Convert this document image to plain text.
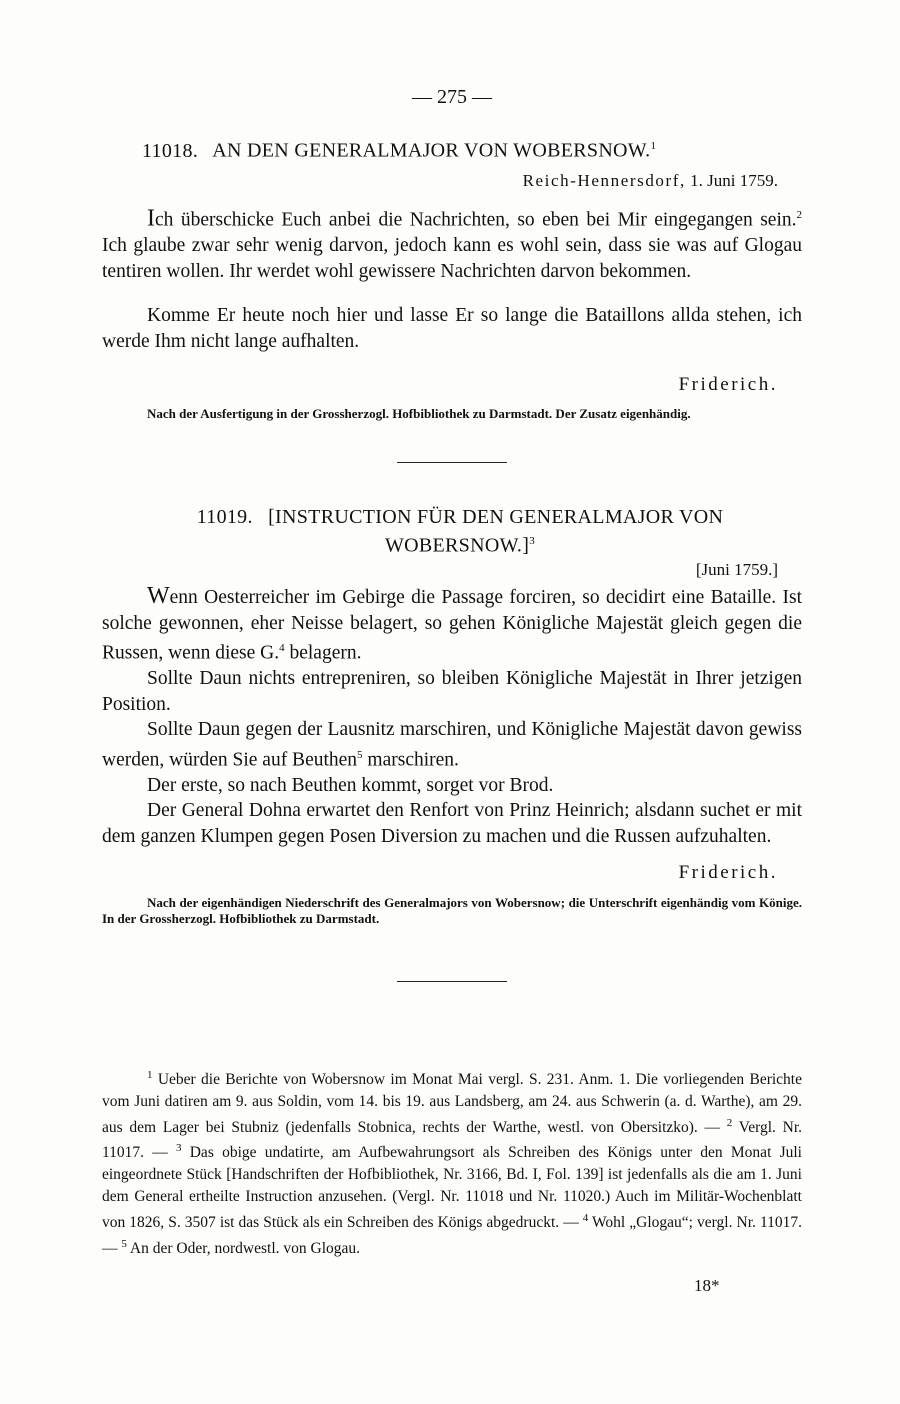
— 275 —
11018. AN DEN GENERALMAJOR VON WOBERSNOW.$^1$
Reich-Hennersdorf, 1. Juni 1759.

Ich überschicke Euch anbei die Nachrichten, so eben bei Mir eingegangen sein.$^2$ Ich glaube zwar sehr wenig darvon, jedoch kann es wohl sein, dass sie was auf Glogau tentiren wollen. Ihr werdet wohl gewissere Nachrichten darvon bekommen.

Komme Er heute noch hier und lasse Er so lange die Bataillons allda stehen, ich werde Ihm nicht lange aufhalten.

Friderich.

Nach der Ausfertigung in der Grossherzogl. Hofbibliothek zu Darmstadt. Der Zusatz eigenhändig.

11019. [INSTRUCTION FÜR DEN GENERALMAJOR VON WOBERSNOW.]$^3$
[Juni 1759.]

Wenn Oesterreicher im Gebirge die Passage forciren, so decidirt eine Bataille. Ist solche gewonnen, eher Neisse belagert, so gehen Königliche Majestät gleich gegen die Russen, wenn diese G.$^4$ belagern.

Sollte Daun nichts entrepreniren, so bleiben Königliche Majestät in Ihrer jetzigen Position.

Sollte Daun gegen der Lausnitz marschiren, und Königliche Majestät davon gewiss werden, würden Sie auf Beuthen$^5$ marschiren.

Der erste, so nach Beuthen kommt, sorget vor Brod.

Der General Dohna erwartet den Renfort von Prinz Heinrich; alsdann suchet er mit dem ganzen Klumpen gegen Posen Diversion zu machen und die Russen aufzuhalten.

Friderich.

Nach der eigenhändigen Niederschrift des Generalmajors von Wobersnow; die Unterschrift eigenhändig vom Könige. In der Grossherzogl. Hofbibliothek zu Darmstadt.

$^1$ Ueber die Berichte von Wobersnow im Monat Mai vergl. S. 231. Anm. 1. Die vorliegenden Berichte vom Juni datiren am 9. aus Soldin, vom 14. bis 19. aus Landsberg, am 24. aus Schwerin (a. d. Warthe), am 29. aus dem Lager bei Stubniz (jedenfalls Stobnica, rechts der Warthe, westl. von Obersitzko). — $^2$ Vergl. Nr. 11017. — $^3$ Das obige undatirte, am Aufbewahrungsort als Schreiben des Königs unter den Monat Juli eingeordnete Stück [Handschriften der Hofbibliothek, Nr. 3166, Bd. I, Fol. 139] ist jedenfalls als die am 1. Juni dem General ertheilte Instruction anzusehen. (Vergl. Nr. 11018 und Nr. 11020.) Auch im Militär-Wochenblatt von 1826, S. 3507 ist das Stück als ein Schreiben des Königs abgedruckt. — $^4$ Wohl „Glogau“; vergl. Nr. 11017. — $^5$ An der Oder, nordwestl. von Glogau.

18*
